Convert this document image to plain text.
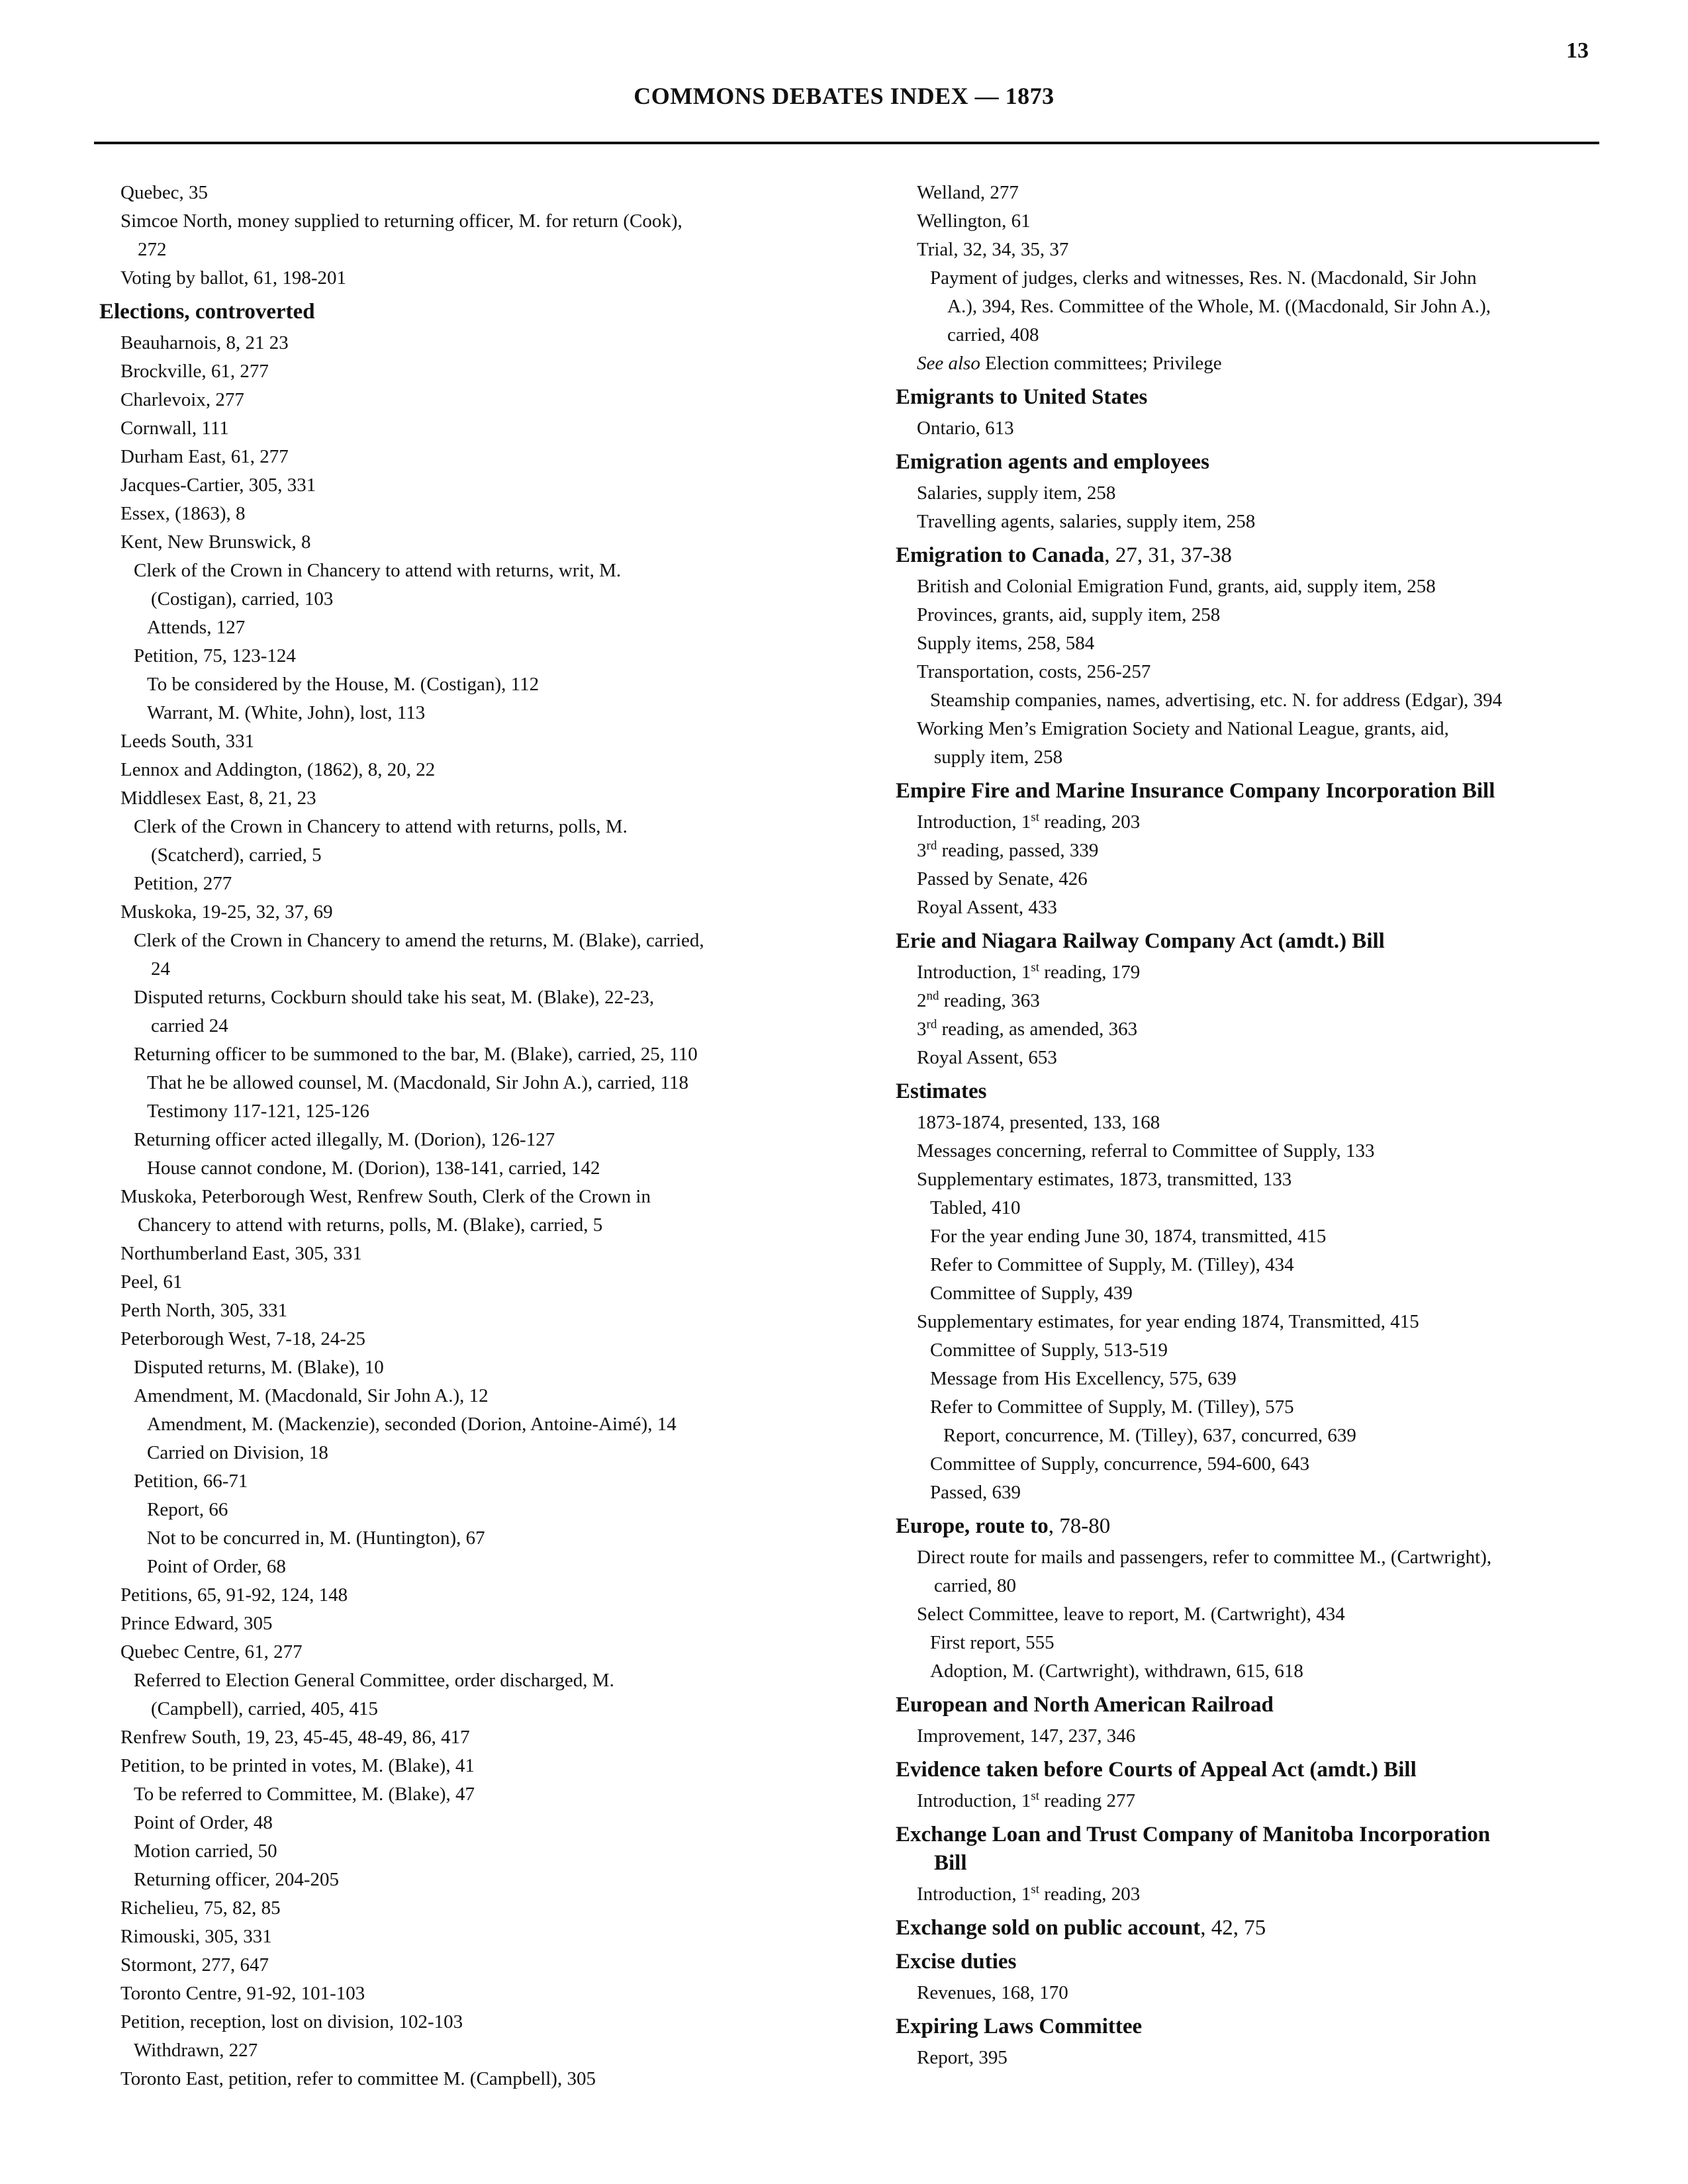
13
COMMONS DEBATES INDEX — 1873
Quebec, 35
Simcoe North, money supplied to returning officer, M. for return (Cook),
272
Voting by ballot, 61, 198-201
Elections, controverted
Beauharnois, 8, 21 23
Brockville, 61, 277
Charlevoix, 277
Cornwall, 111
Durham East, 61, 277
Jacques-Cartier, 305, 331
Essex, (1863), 8
Kent, New Brunswick, 8
Clerk of the Crown in Chancery to attend with returns, writ, M.
(Costigan), carried, 103
Attends, 127
Petition, 75, 123-124
To be considered by the House, M. (Costigan), 112
Warrant, M. (White, John), lost, 113
Leeds South, 331
Lennox and Addington, (1862), 8, 20, 22
Middlesex East, 8, 21, 23
Clerk of the Crown in Chancery to attend with returns, polls, M.
(Scatcherd), carried, 5
Petition, 277
Muskoka, 19-25, 32, 37, 69
Clerk of the Crown in Chancery to amend the returns, M. (Blake), carried,
24
Disputed returns, Cockburn should take his seat, M. (Blake), 22-23,
carried 24
Returning officer to be summoned to the bar, M. (Blake), carried, 25, 110
That he be allowed counsel, M. (Macdonald, Sir John A.), carried, 118
Testimony 117-121, 125-126
Returning officer acted illegally, M. (Dorion), 126-127
House cannot condone, M. (Dorion), 138-141, carried, 142
Muskoka, Peterborough West, Renfrew South, Clerk of the Crown in
Chancery to attend with returns, polls, M. (Blake), carried, 5
Northumberland East, 305, 331
Peel, 61
Perth North, 305, 331
Peterborough West, 7-18, 24-25
Disputed returns, M. (Blake), 10
Amendment, M. (Macdonald, Sir John A.), 12
Amendment, M. (Mackenzie), seconded (Dorion, Antoine-Aimé), 14
Carried on Division, 18
Petition, 66-71
Report, 66
Not to be concurred in, M. (Huntington), 67
Point of Order, 68
Petitions, 65, 91-92, 124, 148
Prince Edward, 305
Quebec Centre, 61, 277
Referred to Election General Committee, order discharged, M.
(Campbell), carried, 405, 415
Renfrew South, 19, 23, 45-45, 48-49, 86, 417
Petition, to be printed in votes, M. (Blake), 41
To be referred to Committee, M. (Blake), 47
Point of Order, 48
Motion carried, 50
Returning officer, 204-205
Richelieu, 75, 82, 85
Rimouski, 305, 331
Stormont, 277, 647
Toronto Centre, 91-92, 101-103
Petition, reception, lost on division, 102-103
Withdrawn, 227
Toronto East, petition, refer to committee M. (Campbell), 305
Welland, 277
Wellington, 61
Trial, 32, 34, 35, 37
Payment of judges, clerks and witnesses, Res. N. (Macdonald, Sir John
A.), 394, Res. Committee of the Whole, M. ((Macdonald, Sir John A.),
carried, 408
See also Election committees; Privilege
Emigrants to United States
Ontario, 613
Emigration agents and employees
Salaries, supply item, 258
Travelling agents, salaries, supply item, 258
Emigration to Canada, 27, 31, 37-38
British and Colonial Emigration Fund, grants, aid, supply item, 258
Provinces, grants, aid, supply item, 258
Supply items, 258, 584
Transportation, costs, 256-257
Steamship companies, names, advertising, etc. N. for address (Edgar), 394
Working Men’s Emigration Society and National League, grants, aid,
supply item, 258
Empire Fire and Marine Insurance Company Incorporation Bill
Introduction, 1st reading, 203
3rd reading, passed, 339
Passed by Senate, 426
Royal Assent, 433
Erie and Niagara Railway Company Act (amdt.) Bill
Introduction, 1st reading, 179
2nd reading, 363
3rd reading, as amended, 363
Royal Assent, 653
Estimates
1873-1874, presented, 133, 168
Messages concerning, referral to Committee of Supply, 133
Supplementary estimates, 1873, transmitted, 133
Tabled, 410
For the year ending June 30, 1874, transmitted, 415
Refer to Committee of Supply, M. (Tilley), 434
Committee of Supply, 439
Supplementary estimates, for year ending 1874, Transmitted, 415
Committee of Supply, 513-519
Message from His Excellency, 575, 639
Refer to Committee of Supply, M. (Tilley), 575
Report, concurrence, M. (Tilley), 637, concurred, 639
Committee of Supply, concurrence, 594-600, 643
Passed, 639
Europe, route to, 78-80
Direct route for mails and passengers, refer to committee M., (Cartwright),
carried, 80
Select Committee, leave to report, M. (Cartwright), 434
First report, 555
Adoption, M. (Cartwright), withdrawn, 615, 618
European and North American Railroad
Improvement, 147, 237, 346
Evidence taken before Courts of Appeal Act (amdt.) Bill
Introduction, 1st reading 277
Exchange Loan and Trust Company of Manitoba Incorporation
Bill
Introduction, 1st reading, 203
Exchange sold on public account, 42, 75
Excise duties
Revenues, 168, 170
Expiring Laws Committee
Report, 395
